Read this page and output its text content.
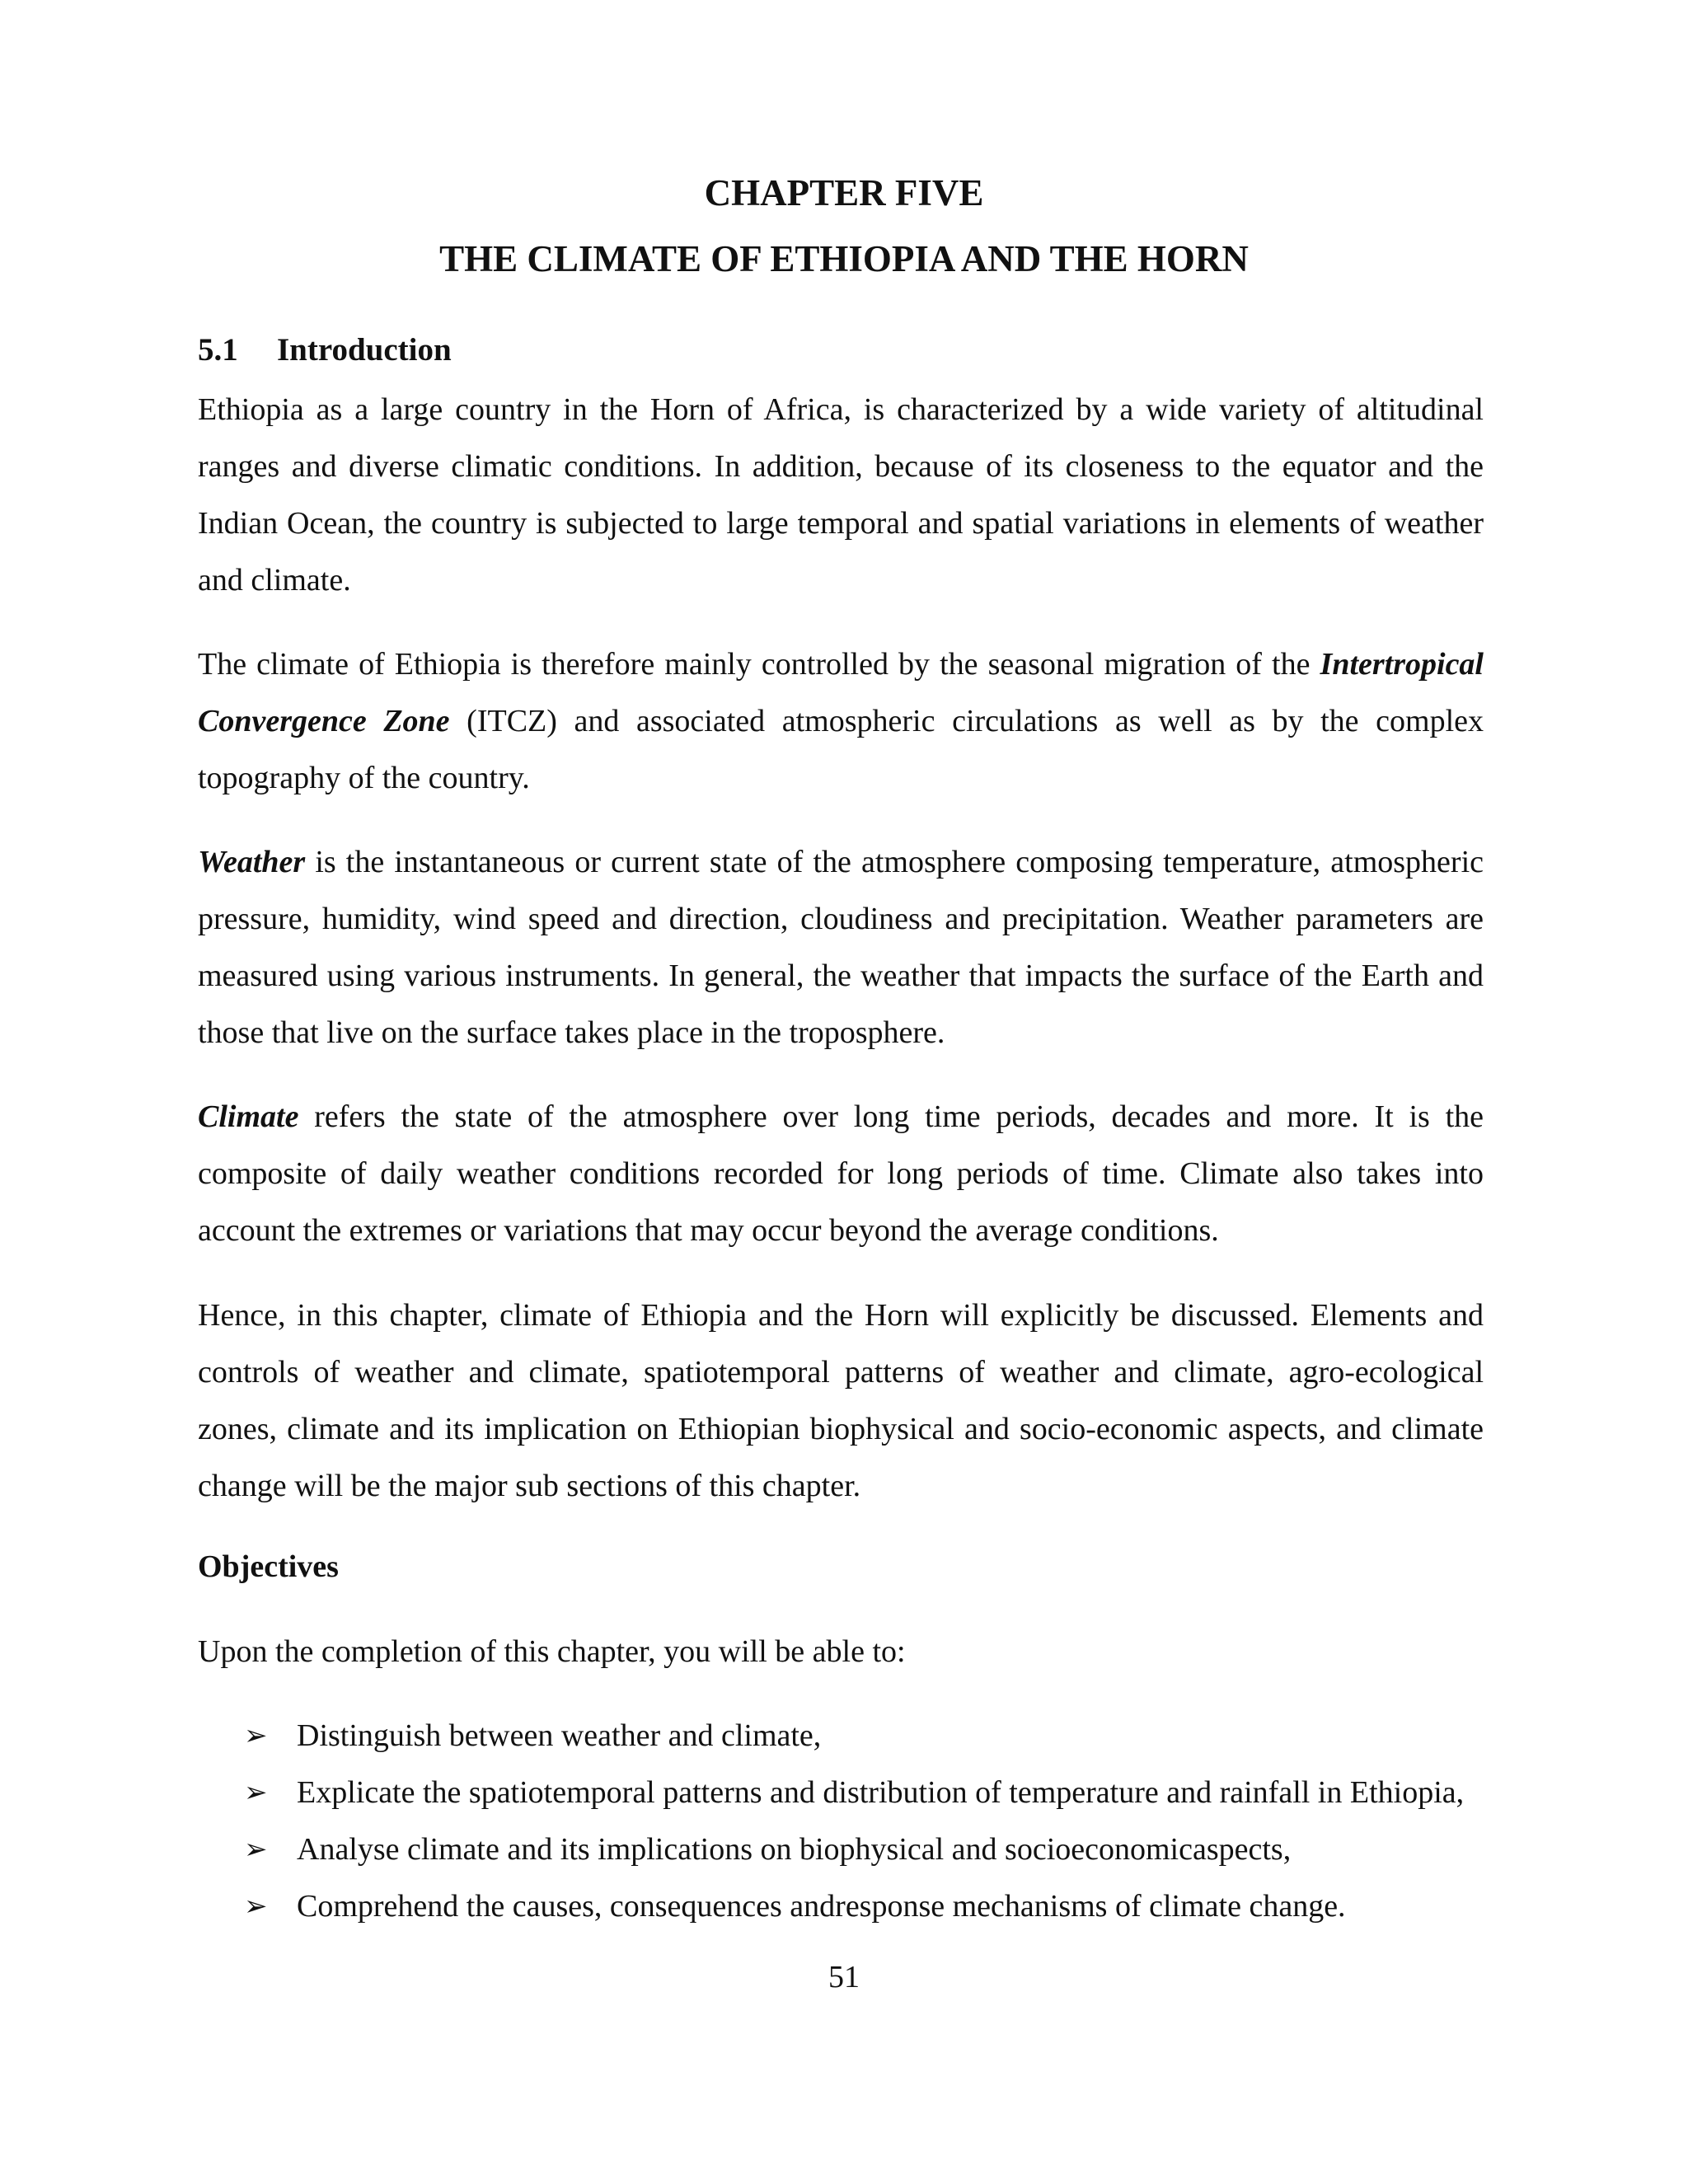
CHAPTER FIVE
THE CLIMATE OF ETHIOPIA AND THE HORN
5.1 Introduction

Ethiopia as a large country in the Horn of Africa, is characterized by a wide variety of altitudinal ranges and diverse climatic conditions. In addition, because of its closeness to the equator and the Indian Ocean, the country is subjected to large temporal and spatial variations in elements of weather and climate.

The climate of Ethiopia is therefore mainly controlled by the seasonal migration of the Intertropical Convergence Zone (ITCZ) and associated atmospheric circulations as well as by the complex topography of the country.

Weather is the instantaneous or current state of the atmosphere composing temperature, atmospheric pressure, humidity, wind speed and direction, cloudiness and precipitation. Weather parameters are measured using various instruments. In general, the weather that impacts the surface of the Earth and those that live on the surface takes place in the troposphere.

Climate refers the state of the atmosphere over long time periods, decades and more. It is the composite of daily weather conditions recorded for long periods of time. Climate also takes into account the extremes or variations that may occur beyond the average conditions.

Hence, in this chapter, climate of Ethiopia and the Horn will explicitly be discussed. Elements and controls of weather and climate, spatiotemporal patterns of weather and climate, agro-ecological zones, climate and its implication on Ethiopian biophysical and socio-economic aspects, and climate change will be the major sub sections of this chapter.

Objectives

Upon the completion of this chapter, you will be able to:

➢ Distinguish between weather and climate,
➢ Explicate the spatiotemporal patterns and distribution of temperature and rainfall in Ethiopia,
➢ Analyse climate and its implications on biophysical and socioeconomicaspects,
➢ Comprehend the causes, consequences andresponse mechanisms of climate change.
51
